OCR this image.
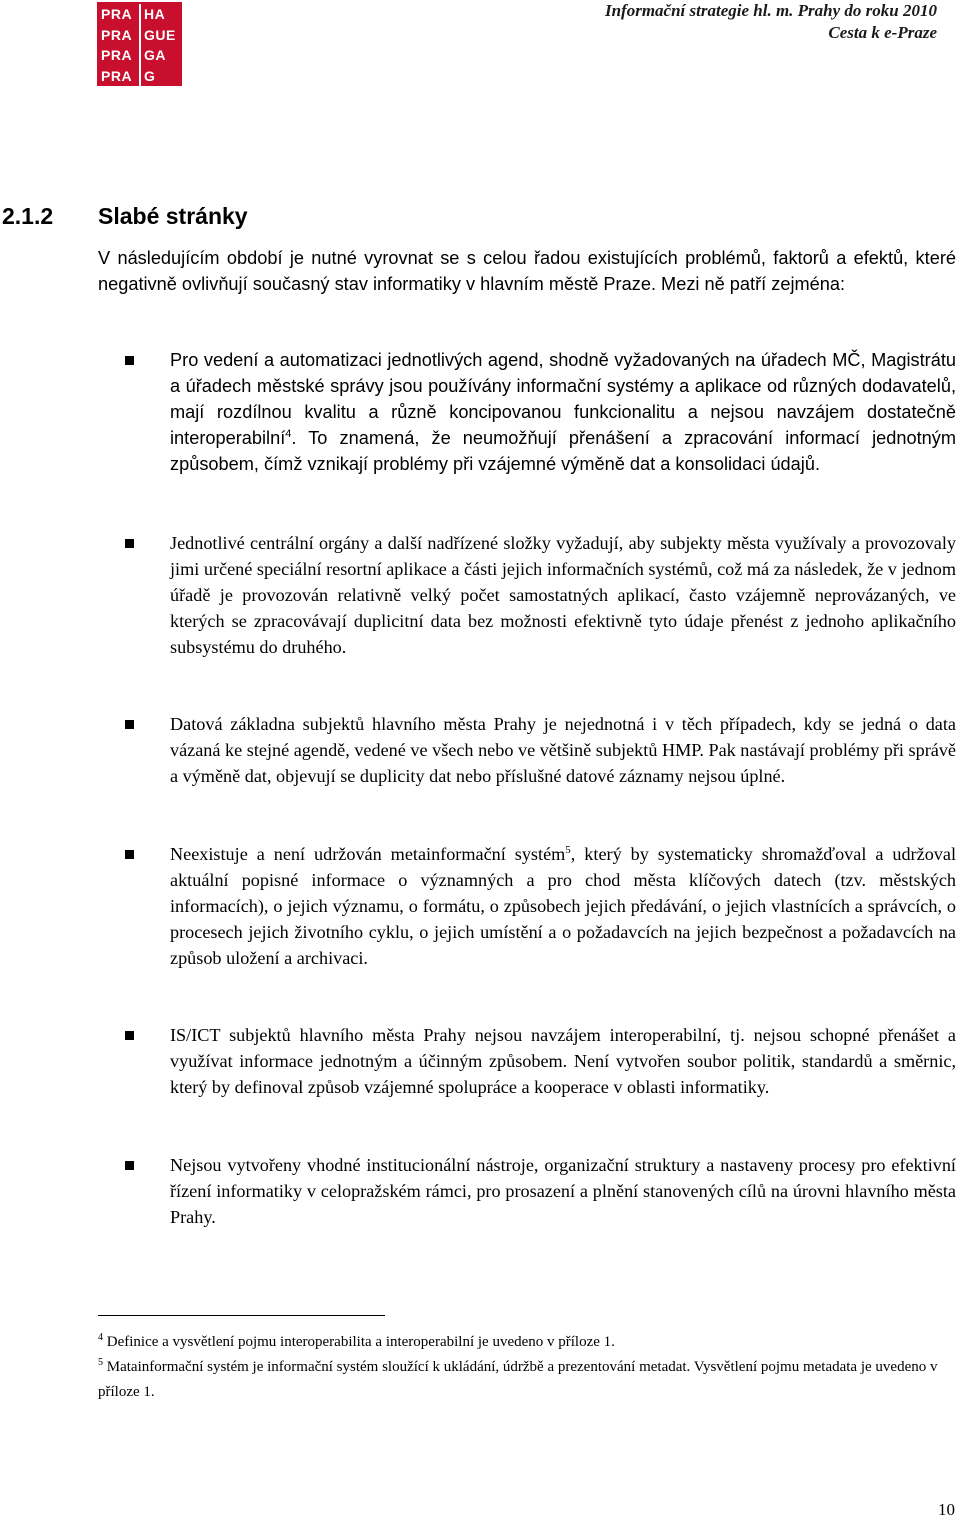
PRA HA
PRA GUE
PRA GA
PRA G
Informační strategie hl. m. Prahy do roku 2010
Cesta k e-Praze
2.1.2 Slabé stránky
V následujícím období je nutné vyrovnat se s celou řadou existujících problémů, faktorů a efektů, které negativně ovlivňují současný stav informatiky v hlavním městě Praze. Mezi ně patří zejména:
Pro vedení a automatizaci jednotlivých agend, shodně vyžadovaných na úřadech MČ, Magistrátu a úřadech městské správy jsou používány informační systémy a aplikace od různých dodavatelů, mají rozdílnou kvalitu a různě koncipovanou funkcionalitu a nejsou navzájem dostatečně interoperabilní$^4$. To znamená, že neumožňují přenášení a zpracování informací jednotným způsobem, čímž vznikají problémy při vzájemné výměně dat a konsolidaci údajů.
Jednotlivé centrální orgány a další nadřízené složky vyžadují, aby subjekty města využívaly a provozovaly jimi určené speciální resortní aplikace a části jejich informačních systémů, což má za následek, že v jednom úřadě je provozován relativně velký počet samostatných aplikací, často vzájemně neprovázaných, ve kterých se zpracovávají duplicitní data bez možnosti efektivně tyto údaje přenést z jednoho aplikačního subsystému do druhého.
Datová základna subjektů hlavního města Prahy je nejednotná i v těch případech, kdy se jedná o data vázaná ke stejné agendě, vedené ve všech nebo ve většině subjektů HMP. Pak nastávají problémy při správě a výměně dat, objevují se duplicity dat nebo příslušné datové záznamy nejsou úplné.
Neexistuje a není udržován metainformační systém$^5$, který by systematicky shromažďoval a udržoval aktuální popisné informace o významných a pro chod města klíčových datech (tzv. městských informacích), o jejich významu, o formátu, o způsobech jejich předávání, o jejich vlastnících a správcích, o procesech jejich životního cyklu, o jejich umístění a o požadavcích na jejich bezpečnost a požadavcích na způsob uložení a archivaci.
IS/ICT subjektů hlavního města Prahy nejsou navzájem interoperabilní, tj. nejsou schopné přenášet a využívat informace jednotným a účinným způsobem. Není vytvořen soubor politik, standardů a směrnic, který by definoval způsob vzájemné spolupráce a kooperace v oblasti informatiky.
Nejsou vytvořeny vhodné institucionální nástroje, organizační struktury a nastaveny procesy pro efektivní řízení informatiky v celopražském rámci, pro prosazení a plnění stanovených cílů na úrovni hlavního města Prahy.
$^4$ Definice a vysvětlení pojmu interoperabilita a interoperabilní je uvedeno v příloze 1.
$^5$ Matainformační systém je informační systém sloužící k ukládání, údržbě a prezentování metadat. Vysvětlení pojmu metadata je uvedeno v příloze 1.
10
